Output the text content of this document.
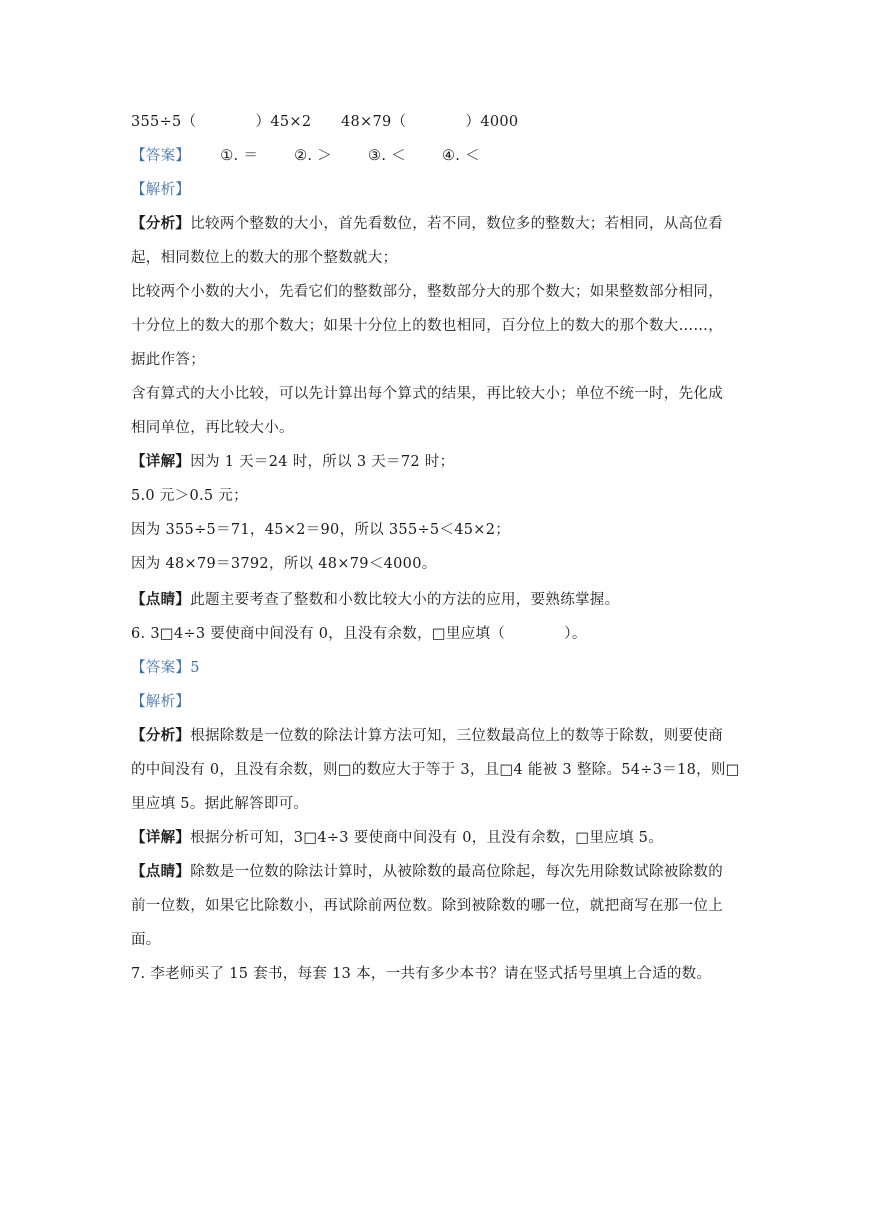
355÷5（　　　　）45×2　　48×79（　　　　）4000
【答案】 ①. ＝ ②. ＞ ③. ＜ ④. ＜
【解析】
【分析】比较两个整数的大小，首先看数位，若不同，数位多的整数大；若相同，从高位看
起，相同数位上的数大的那个整数就大；
比较两个小数的大小，先看它们的整数部分，整数部分大的那个数大；如果整数部分相同，
十分位上的数大的那个数大；如果十分位上的数也相同，百分位上的数大的那个数大……，
据此作答；
含有算式的大小比较，可以先计算出每个算式的结果，再比较大小；单位不统一时，先化成
相同单位，再比较大小。
【详解】因为 1 天＝24 时，所以 3 天＝72 时；
5.0 元＞0.5 元；
因为 355÷5＝71，45×2＝90，所以 355÷5＜45×2；
因为 48×79＝3792，所以 48×79＜4000。
【点睛】此题主要考查了整数和小数比较大小的方法的应用，要熟练掌握。
6. 3□4÷3 要使商中间没有 0，且没有余数，□里应填（　　　　）。
【答案】5
【解析】
【分析】根据除数是一位数的除法计算方法可知，三位数最高位上的数等于除数，则要使商
的中间没有 0，且没有余数，则□的数应大于等于 3，且□4 能被 3 整除。54÷3＝18，则□
里应填 5。据此解答即可。
【详解】根据分析可知，3□4÷3 要使商中间没有 0，且没有余数，□里应填 5。
【点睛】除数是一位数的除法计算时，从被除数的最高位除起，每次先用除数试除被除数的
前一位数，如果它比除数小，再试除前两位数。除到被除数的哪一位，就把商写在那一位上
面。
7. 李老师买了 15 套书，每套 13 本，一共有多少本书？请在竖式括号里填上合适的数。
